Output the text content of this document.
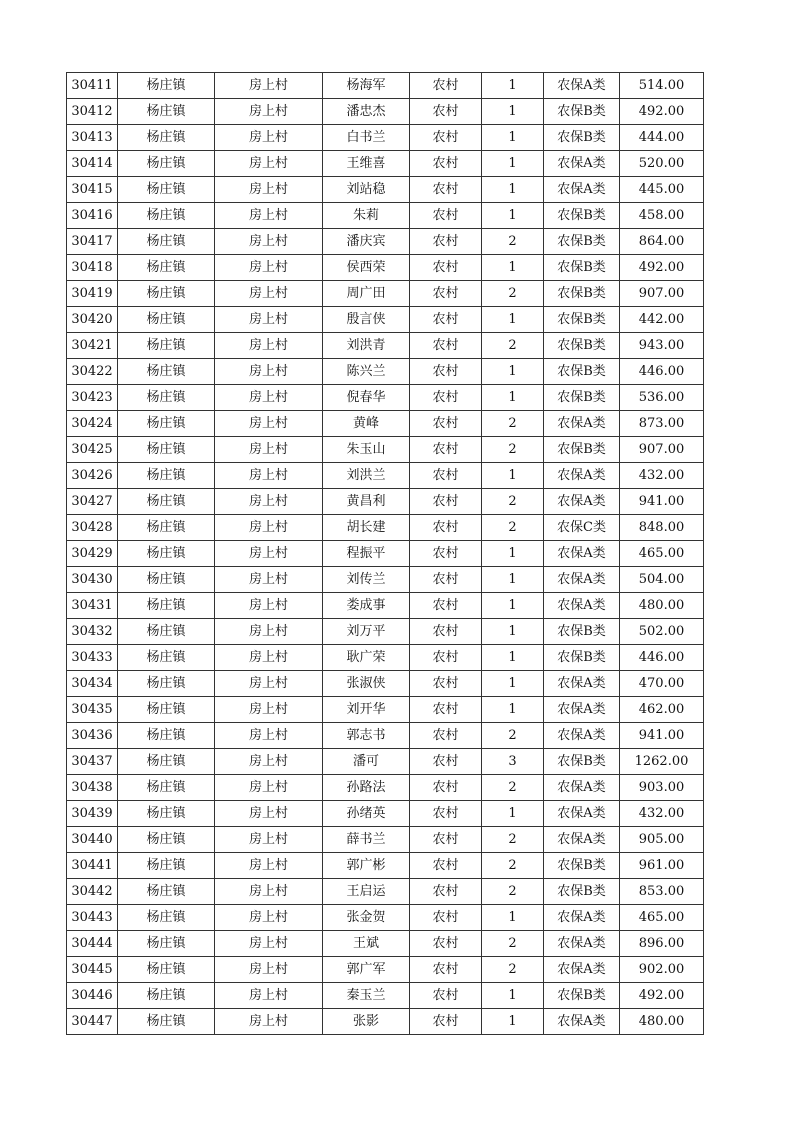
30411	杨庄镇	房上村	杨海军	农村	1	农保A类	514.00
30412	杨庄镇	房上村	潘忠杰	农村	1	农保B类	492.00
30413	杨庄镇	房上村	白书兰	农村	1	农保B类	444.00
30414	杨庄镇	房上村	王维喜	农村	1	农保A类	520.00
30415	杨庄镇	房上村	刘站稳	农村	1	农保A类	445.00
30416	杨庄镇	房上村	朱莉	农村	1	农保B类	458.00
30417	杨庄镇	房上村	潘庆宾	农村	2	农保B类	864.00
30418	杨庄镇	房上村	侯西荣	农村	1	农保B类	492.00
30419	杨庄镇	房上村	周广田	农村	2	农保B类	907.00
30420	杨庄镇	房上村	殷言侠	农村	1	农保B类	442.00
30421	杨庄镇	房上村	刘洪青	农村	2	农保B类	943.00
30422	杨庄镇	房上村	陈兴兰	农村	1	农保B类	446.00
30423	杨庄镇	房上村	倪春华	农村	1	农保B类	536.00
30424	杨庄镇	房上村	黄峰	农村	2	农保A类	873.00
30425	杨庄镇	房上村	朱玉山	农村	2	农保B类	907.00
30426	杨庄镇	房上村	刘洪兰	农村	1	农保A类	432.00
30427	杨庄镇	房上村	黄昌利	农村	2	农保A类	941.00
30428	杨庄镇	房上村	胡长建	农村	2	农保C类	848.00
30429	杨庄镇	房上村	程振平	农村	1	农保A类	465.00
30430	杨庄镇	房上村	刘传兰	农村	1	农保A类	504.00
30431	杨庄镇	房上村	娄成事	农村	1	农保A类	480.00
30432	杨庄镇	房上村	刘万平	农村	1	农保B类	502.00
30433	杨庄镇	房上村	耿广荣	农村	1	农保B类	446.00
30434	杨庄镇	房上村	张淑侠	农村	1	农保A类	470.00
30435	杨庄镇	房上村	刘开华	农村	1	农保A类	462.00
30436	杨庄镇	房上村	郭志书	农村	2	农保A类	941.00
30437	杨庄镇	房上村	潘可	农村	3	农保B类	1262.00
30438	杨庄镇	房上村	孙路法	农村	2	农保A类	903.00
30439	杨庄镇	房上村	孙绪英	农村	1	农保A类	432.00
30440	杨庄镇	房上村	薛书兰	农村	2	农保A类	905.00
30441	杨庄镇	房上村	郭广彬	农村	2	农保B类	961.00
30442	杨庄镇	房上村	王启运	农村	2	农保B类	853.00
30443	杨庄镇	房上村	张金贺	农村	1	农保A类	465.00
30444	杨庄镇	房上村	王斌	农村	2	农保A类	896.00
30445	杨庄镇	房上村	郭广军	农村	2	农保A类	902.00
30446	杨庄镇	房上村	秦玉兰	农村	1	农保B类	492.00
30447	杨庄镇	房上村	张影	农村	1	农保A类	480.00
